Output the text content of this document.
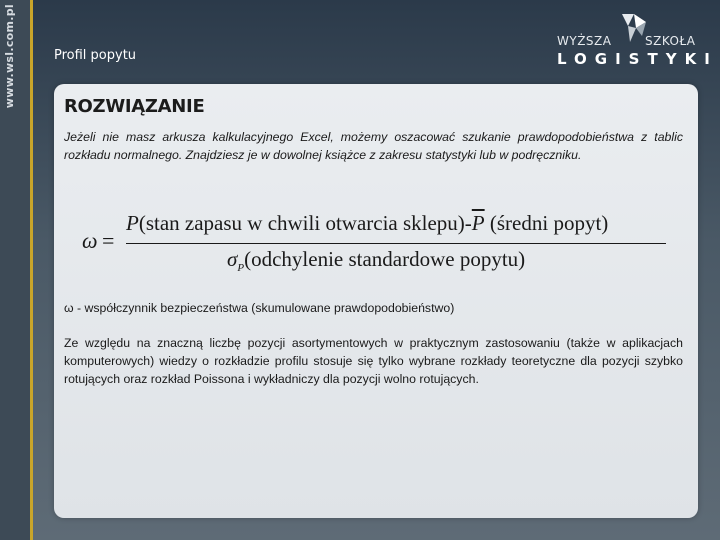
www.wsl.com.pl	Profil popytu
WYŻSZA	SZKOŁA
LOGISTYKI
ROZWIĄZANIE
Jeżeli nie masz arkusza kalkulacyjnego Excel, możemy oszacować szukanie prawdopodobieństwa z tablic rozkładu normalnego. Znajdziesz je w dowolnej książce z zakresu statystyki lub w podręczniku.
ω =
P(stan zapasu w chwili otwarcia $sklepu)-\overline{P}$ (średni popyt)
$\sigma_P(odchylenie$ standardowe popytu)
ω - współczynnik bezpieczeństwa (skumulowane prawdopodobieństwo)
Ze względu na znaczną liczbę pozycji asortymentowych w praktycznym zastosowaniu (także w aplikacjach komputerowych) wiedzy o rozkładzie profilu stosuje się tylko wybrane rozkłady teoretyczne dla pozycji szybko rotujących oraz rozkład Poissona i wykładniczy dla pozycji wolno rotujących.
